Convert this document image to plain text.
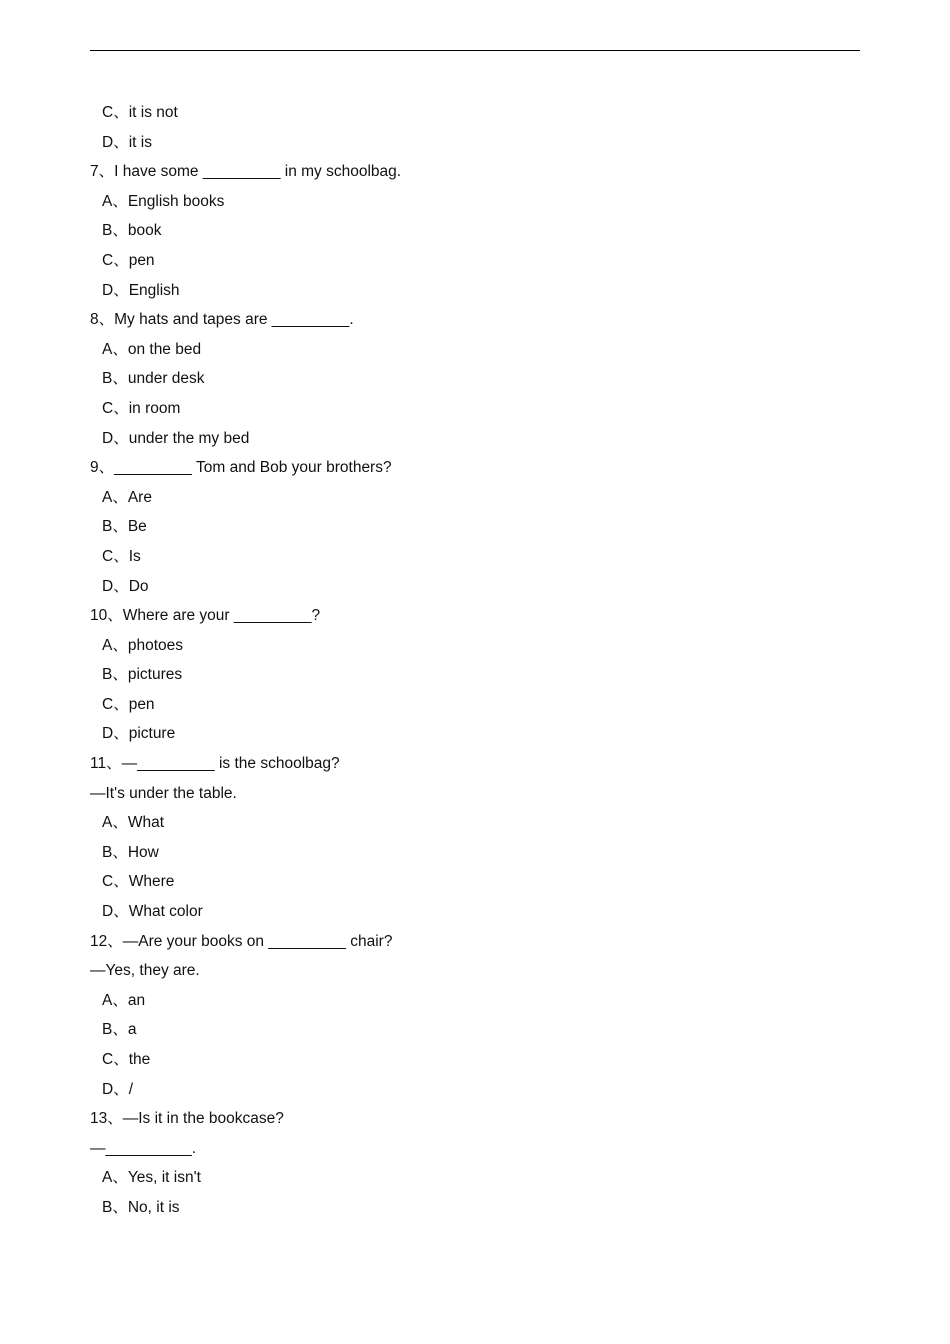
C、it is not
D、it is
7、I have some _________ in my schoolbag.
A、English books
B、book
C、pen
D、English
8、My hats and tapes are _________.
A、on the bed
B、under desk
C、in room
D、under the my bed
9、_________ Tom and Bob your brothers?
A、Are
B、Be
C、Is
D、Do
10、Where are your _________?
A、photoes
B、pictures
C、pen
D、picture
11、—_________ is the schoolbag?
—It's under the table.
A、What
B、How
C、Where
D、What color
12、—Are your books on _________ chair?
—Yes, they are.
A、an
B、a
C、the
D、/
13、—Is it in the bookcase?
—__________.
A、Yes, it isn't
B、No, it is
